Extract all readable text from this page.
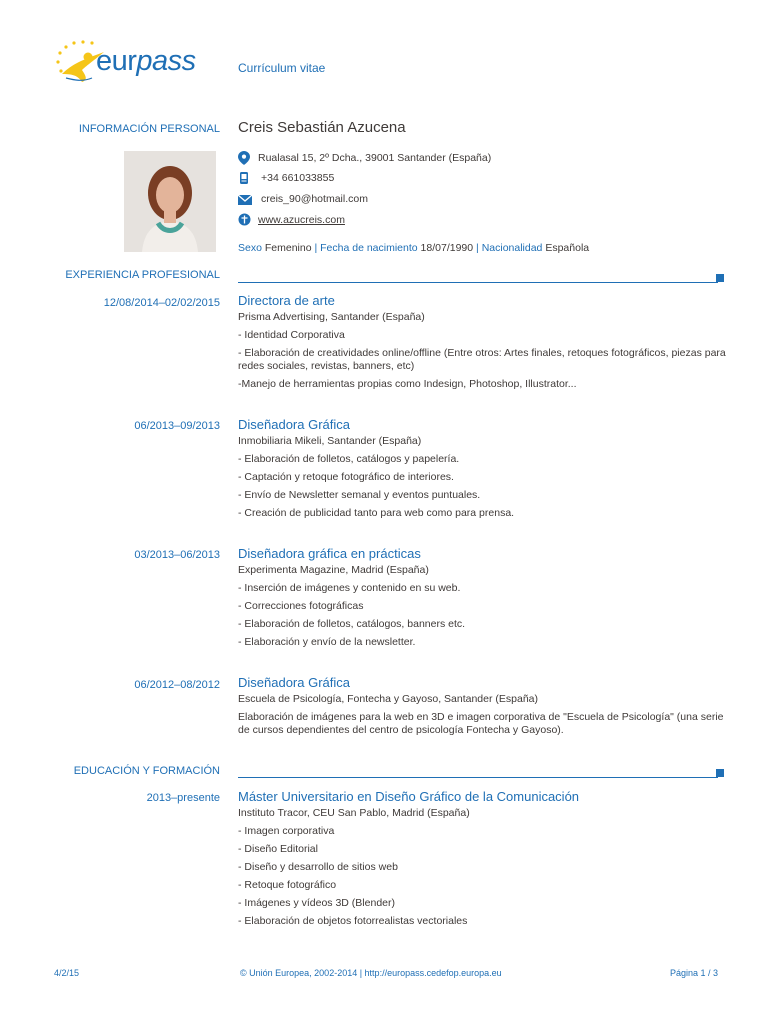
eurpass	Currículum vitae
INFORMACIÓN PERSONAL Creis Sebastián Azucena
Rualasal 15, 2º Dcha., 39001 Santander (España)
+34 661033855
creis_90@hotmail.com
www.azucreis.com
Sexo Femenino | Fecha de nacimiento 18/07/1990 | Nacionalidad Española
EXPERIENCIA PROFESIONAL
12/08/2014–02/02/2015 Directora de arte
Prisma Advertising, Santander (España)
- Identidad Corporativa
- Elaboración de creatividades online/offline (Entre otros: Artes finales, retoques fotográficos, piezas para redes sociales, revistas, banners, etc)
-Manejo de herramientas propias como Indesign, Photoshop, Illustrator...
06/2013–09/2013 Diseñadora Gráfica
Inmobiliaria Mikeli, Santander (España)
- Elaboración de folletos, catálogos y papelería.
- Captación y retoque fotográfico de interiores.
- Envío de Newsletter semanal y eventos puntuales.
- Creación de publicidad tanto para web como para prensa.
03/2013–06/2013 Diseñadora gráfica en prácticas
Experimenta Magazine, Madrid (España)
- Inserción de imágenes y contenido en su web.
- Correcciones fotográficas
- Elaboración de folletos, catálogos, banners etc.
- Elaboración y envío de la newsletter.
06/2012–08/2012 Diseñadora Gráfica
Escuela de Psicología, Fontecha y Gayoso, Santander (España)
Elaboración de imágenes para la web en 3D e imagen corporativa de "Escuela de Psicología" (una serie de cursos dependientes del centro de psicología Fontecha y Gayoso).
EDUCACIÓN Y FORMACIÓN
2013–presente Máster Universitario en Diseño Gráfico de la Comunicación
Instituto Tracor, CEU San Pablo, Madrid (España)
- Imagen corporativa
- Diseño Editorial
- Diseño y desarrollo de sitios web
- Retoque fotográfico
- Imágenes y vídeos 3D (Blender)
- Elaboración de objetos fotorrealistas vectoriales
4/2/15	© Unión Europea, 2002-2014 | http://europass.cedefop.europa.eu	Página 1 / 3
